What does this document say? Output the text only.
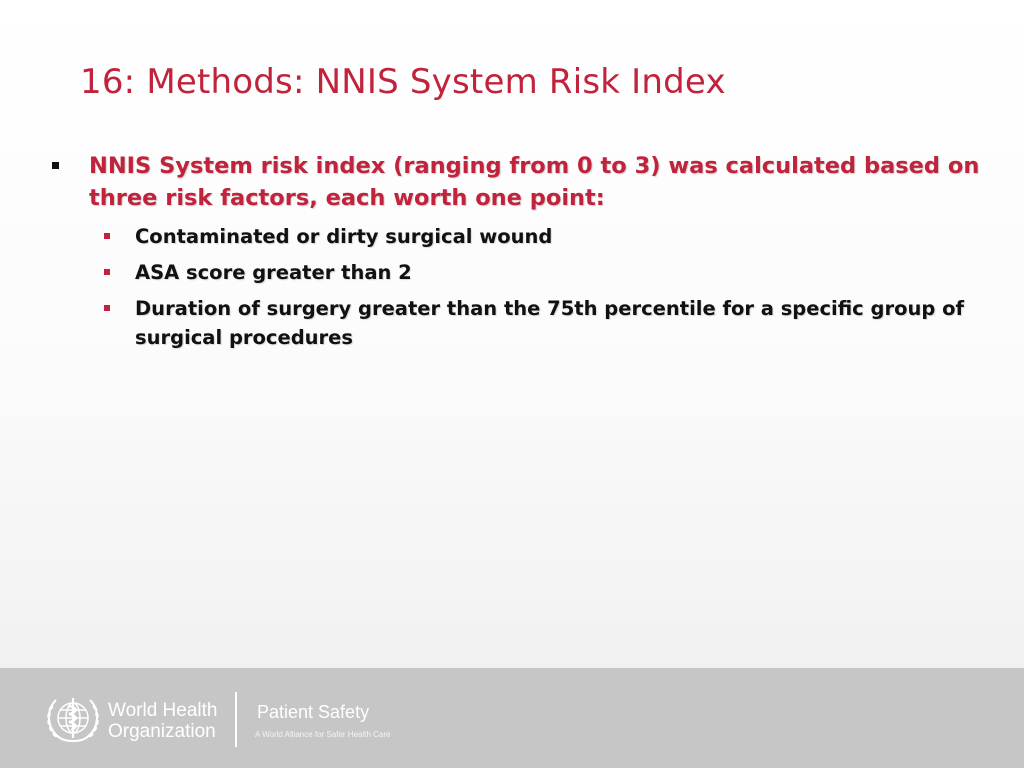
16: Methods: NNIS System Risk Index
NNIS System risk index (ranging from 0 to 3) was calculated based on three risk factors, each worth one point:
Contaminated or dirty surgical wound
ASA score greater than 2
Duration of surgery greater than the 75th percentile for a specific group of surgical procedures
World Health
Organization
Patient Safety
A World Alliance for Safer Health Care
